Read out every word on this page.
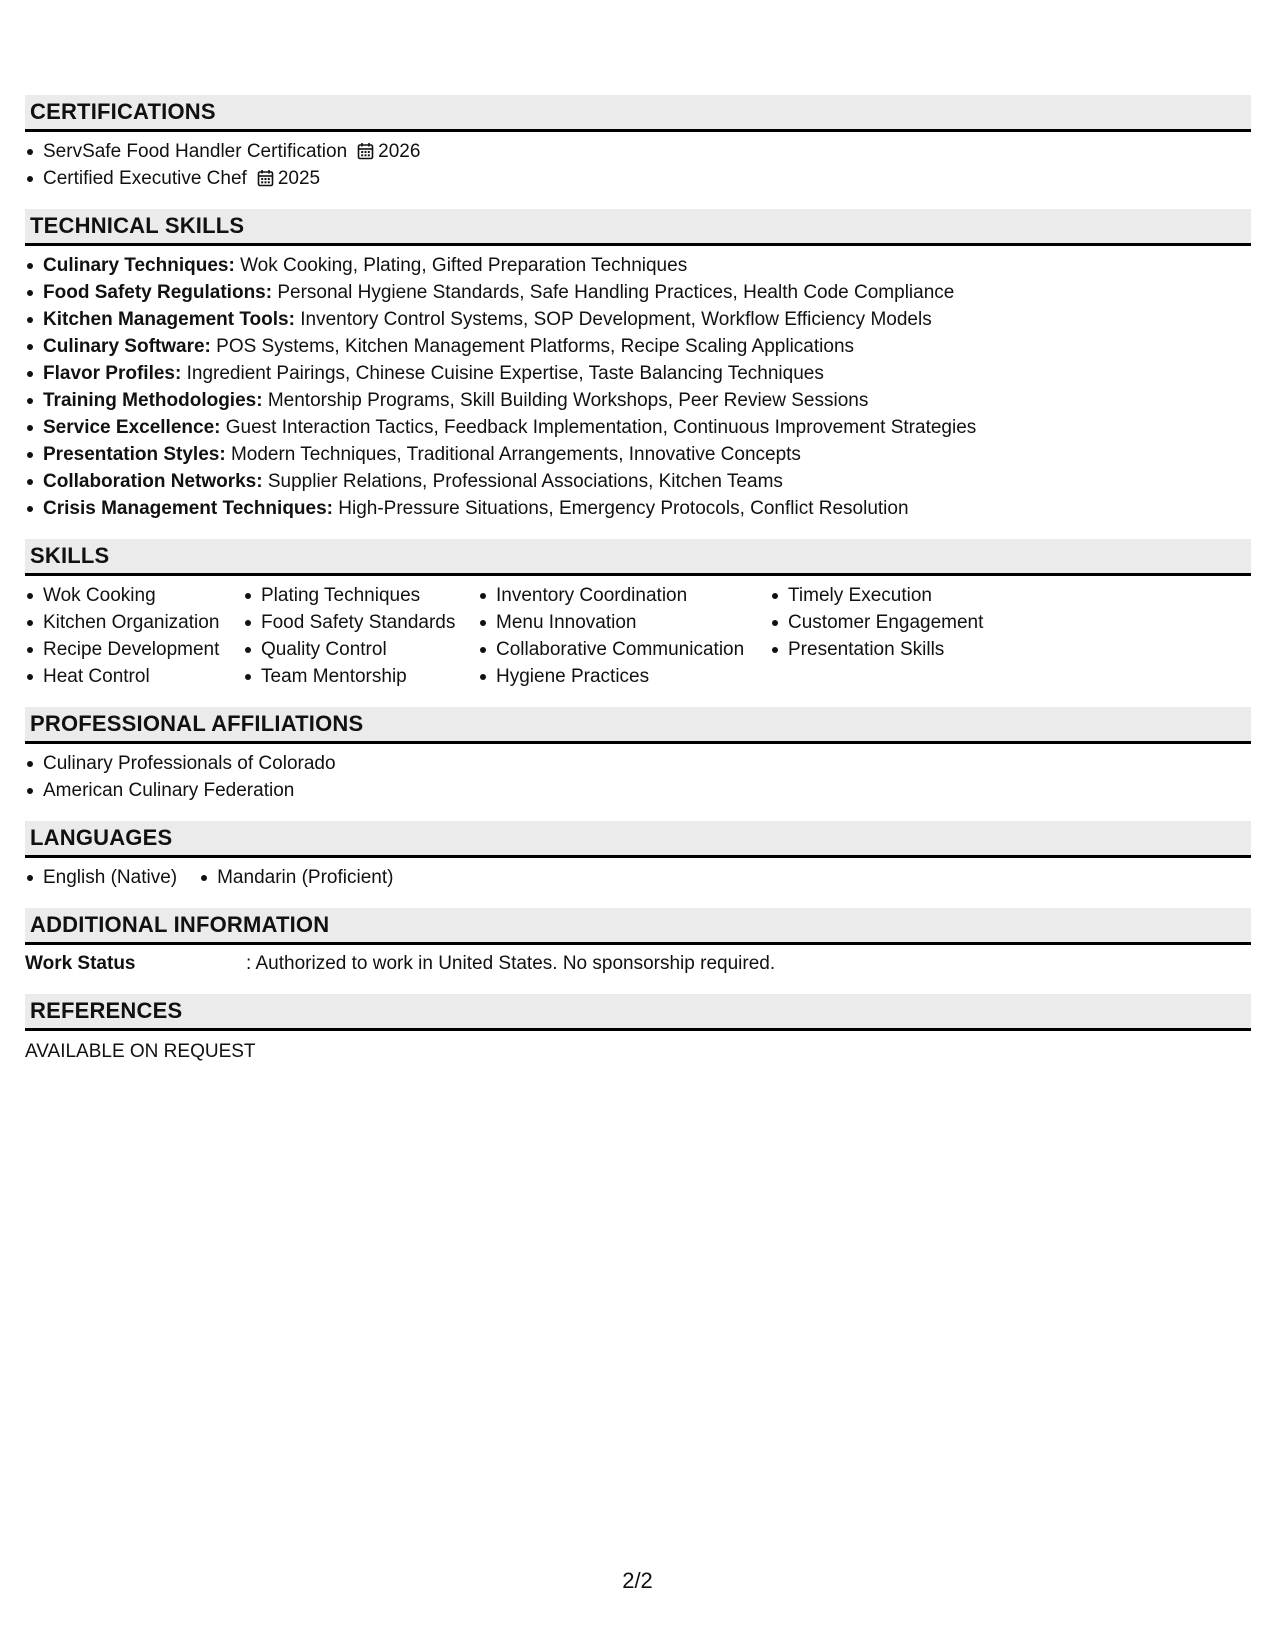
CERTIFICATIONS
ServSafe Food Handler Certification 2026
Certified Executive Chef 2025
TECHNICAL SKILLS
Culinary Techniques: Wok Cooking, Plating, Gifted Preparation Techniques
Food Safety Regulations: Personal Hygiene Standards, Safe Handling Practices, Health Code Compliance
Kitchen Management Tools: Inventory Control Systems, SOP Development, Workflow Efficiency Models
Culinary Software: POS Systems, Kitchen Management Platforms, Recipe Scaling Applications
Flavor Profiles: Ingredient Pairings, Chinese Cuisine Expertise, Taste Balancing Techniques
Training Methodologies: Mentorship Programs, Skill Building Workshops, Peer Review Sessions
Service Excellence: Guest Interaction Tactics, Feedback Implementation, Continuous Improvement Strategies
Presentation Styles: Modern Techniques, Traditional Arrangements, Innovative Concepts
Collaboration Networks: Supplier Relations, Professional Associations, Kitchen Teams
Crisis Management Techniques: High-Pressure Situations, Emergency Protocols, Conflict Resolution
SKILLS
Wok Cooking
Kitchen Organization
Recipe Development
Heat Control
Plating Techniques
Food Safety Standards
Quality Control
Team Mentorship
Inventory Coordination
Menu Innovation
Collaborative Communication
Hygiene Practices
Timely Execution
Customer Engagement
Presentation Skills
PROFESSIONAL AFFILIATIONS
Culinary Professionals of Colorado
American Culinary Federation
LANGUAGES
English (Native)	Mandarin (Proficient)
ADDITIONAL INFORMATION
Work Status	: Authorized to work in United States. No sponsorship required.
REFERENCES
AVAILABLE ON REQUEST
2/2
